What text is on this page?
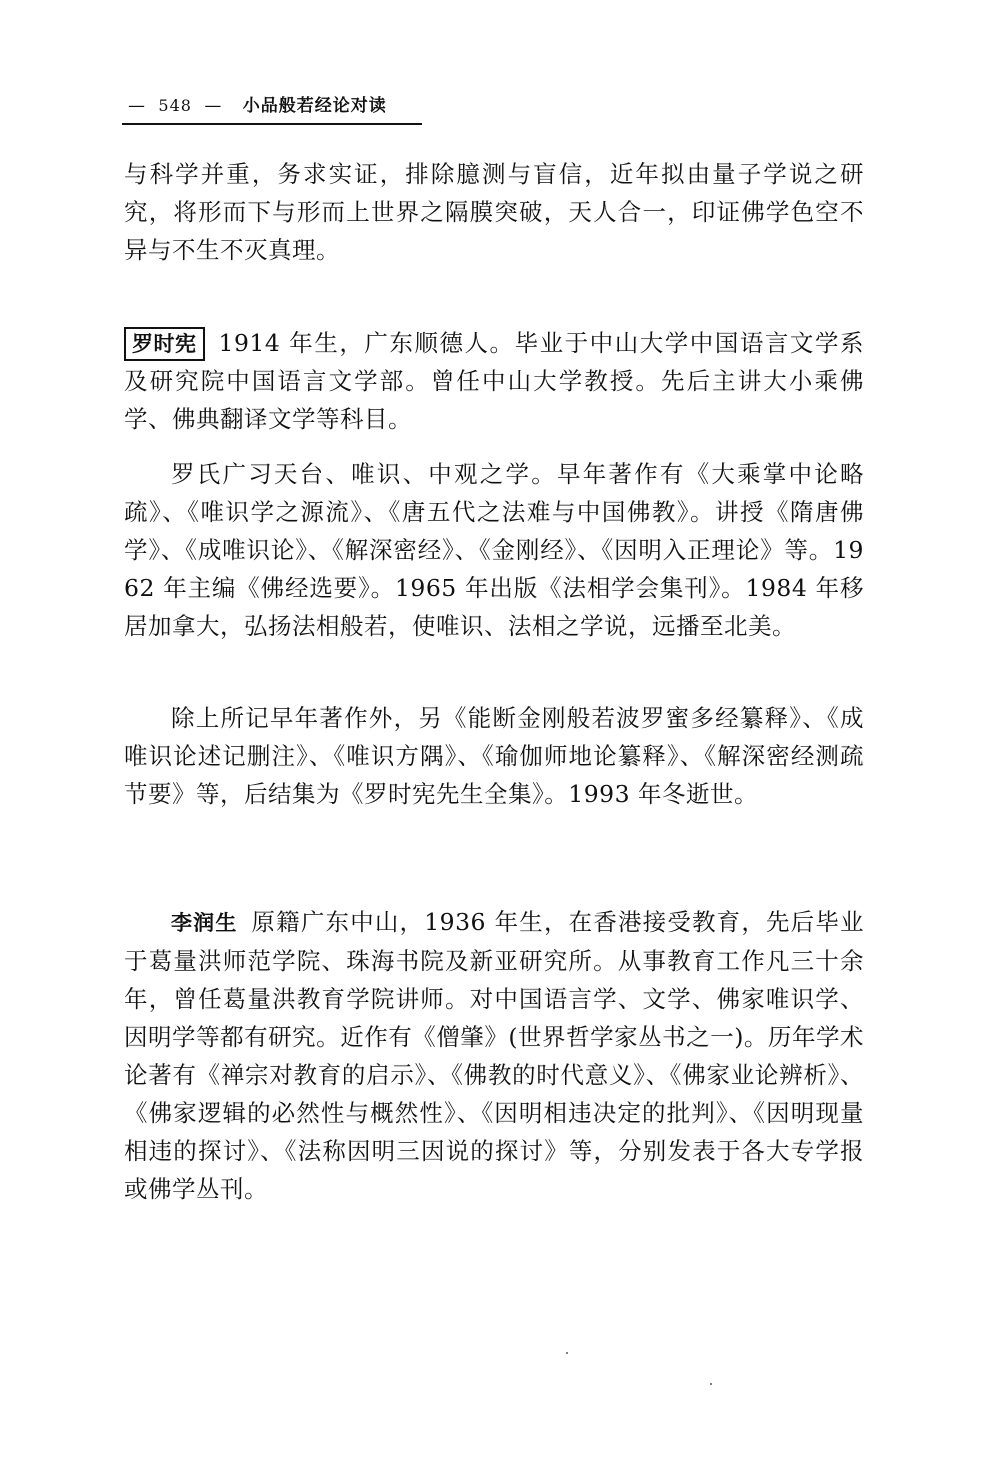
— 548 — 小品般若经论对读
与科学并重，务求实证，排除臆测与盲信，近年拟由量子学说之研究，将形而下与形而上世界之隔膜突破，天人合一，印证佛学色空不异与不生不灭真理。
罗时宪 1914 年生，广东顺德人。毕业于中山大学中国语言文学系及研究院中国语言文学部。曾任中山大学教授。先后主讲大小乘佛学、佛典翻译文学等科目。
罗氏广习天台、唯识、中观之学。早年著作有《大乘掌中论略疏》、《唯识学之源流》、《唐五代之法难与中国佛教》。讲授《隋唐佛学》、《成唯识论》、《解深密经》、《金刚经》、《因明入正理论》等。1962 年主编《佛经选要》。1965 年出版《法相学会集刊》。1984 年移居加拿大，弘扬法相般若，使唯识、法相之学说，远播至北美。
除上所记早年著作外，另《能断金刚般若波罗蜜多经纂释》、《成唯识论述记删注》、《唯识方隅》、《瑜伽师地论纂释》、《解深密经测疏节要》等，后结集为《罗时宪先生全集》。1993 年冬逝世。
李润生 原籍广东中山，1936 年生，在香港接受教育，先后毕业于葛量洪师范学院、珠海书院及新亚研究所。从事教育工作凡三十余年，曾任葛量洪教育学院讲师。对中国语言学、文学、佛家唯识学、因明学等都有研究。近作有《僧肇》(世界哲学家丛书之一)。历年学术论著有《禅宗对教育的启示》、《佛教的时代意义》、《佛家业论辨析》、《佛家逻辑的必然性与概然性》、《因明相违决定的批判》、《因明现量相违的探讨》、《法称因明三因说的探讨》等，分别发表于各大专学报或佛学丛刊。
